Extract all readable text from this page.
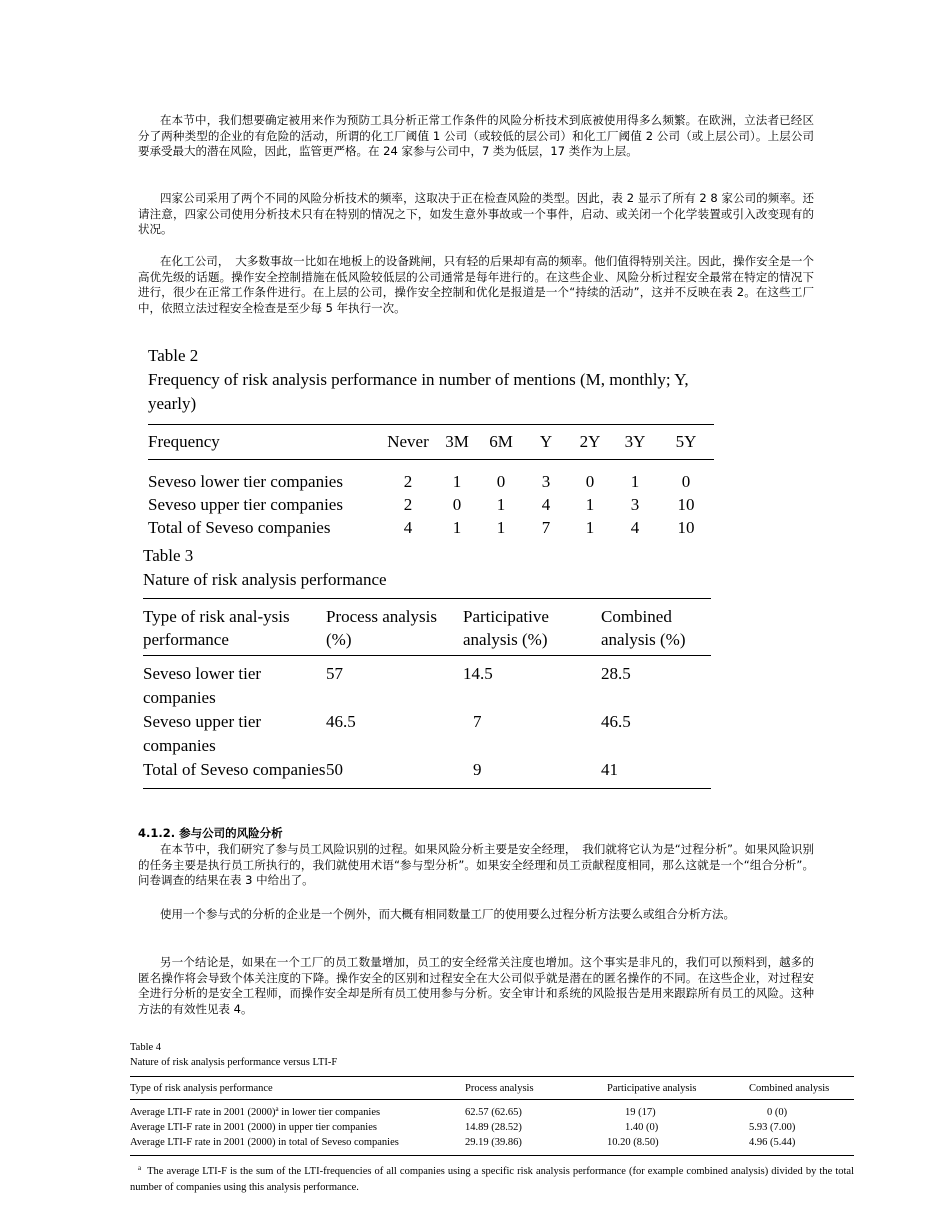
在本节中，我们想要确定被用来作为预防工具分析正常工作条件的风险分析技术到底被使用得多么频繁。在欧洲，立法者已经区分了两种类型的企业的有危险的活动，所谓的化工厂阈值 1 公司（或较低的层公司）和化工厂阈值 2 公司（或上层公司）。上层公司要承受最大的潜在风险，因此，监管更严格。在 24 家参与公司中，7 类为低层，17 类作为上层。

四家公司采用了两个不同的风险分析技术的频率，这取决于正在检查风险的类型。因此，表 2 显示了所有 2 8 家公司的频率。还请注意，四家公司使用分析技术只有在特别的情况之下，如发生意外事故或一个事件，启动、或关闭一个化学装置或引入改变现有的状况。

在化工公司，　大多数事故一比如在地板上的设备跳闸，只有轻的后果却有高的频率。他们值得特别关注。因此，操作安全是一个高优先级的话题。操作安全控制措施在低风险较低层的公司通常是每年进行的。在这些企业、风险分析过程安全最常在特定的情况下进行，很少在正常工作条件进行。在上层的公司，操作安全控制和优化是报道是一个“持续的活动”，这并不反映在表 2。在这些工厂中，依照立法过程安全检查是至少每 5 年执行一次。

Table 2
Frequency of risk analysis performance in number of mentions (M, monthly; Y, yearly)
Frequency	Never	3M	6M	Y	2Y	3Y	5Y
Seveso lower tier companies	2	1	0	3	0	1	0
Seveso upper tier companies	2	0	1	4	1	3	10
Total of Seveso companies	4	1	1	7	1	4	10
Table 3
Nature of risk analysis performance
Type of risk anal-ysis performance	Process analysis (%)	Participative analysis (%)	Combined analysis (%)
Seveso lower tier companies	57	14.5	28.5
Seveso upper tier companies	46.5	7	46.5
Total of Seveso companies	50	9	41
4.1.2. 参与公司的风险分析

在本节中，我们研究了参与员工风险识别的过程。如果风险分析主要是安全经理，　我们就将它认为是“过程分析”。如果风险识别的任务主要是执行员工所执行的，我们就使用术语“参与型分析”。如果安全经理和员工贡献程度相同，那么这就是一个“组合分析”。问卷调查的结果在表 3 中给出了。

使用一个参与式的分析的企业是一个例外，而大概有相同数量工厂的使用要么过程分析方法要么或组合分析方法。

另一个结论是，如果在一个工厂的员工数量增加，员工的安全经常关注度也增加。这个事实是非凡的，我们可以预料到，越多的匿名操作将会导致个体关注度的下降。操作安全的区别和过程安全在大公司似乎就是潜在的匿名操作的不同。在这些企业，对过程安全进行分析的是安全工程师，而操作安全却是所有员工使用参与分析。安全审计和系统的风险报告是用来跟踪所有员工的风险。这种方法的有效性见表 4。

Table 4
Nature of risk analysis performance versus LTI-F
Type of risk analysis performance	Process analysis	Participative analysis	Combined analysis
Average LTI-F rate in 2001 $(2000)^a$ in lower tier companies	62.57 (62.65)	19 (17)	0 (0)
Average LTI-F rate in 2001 (2000) in upper tier companies	14.89 (28.52)	1.40 (0)	5.93 (7.00)
Average LTI-F rate in 2001 (2000) in total of Seveso companies	29.19 (39.86)	10.20 (8.50)	4.96 (5.44)
$^a$ The average LTI-F is the sum of the LTI-frequencies of all companies using a specific risk analysis performance (for example combined analysis) divided by the total number of companies using this analysis performance.
